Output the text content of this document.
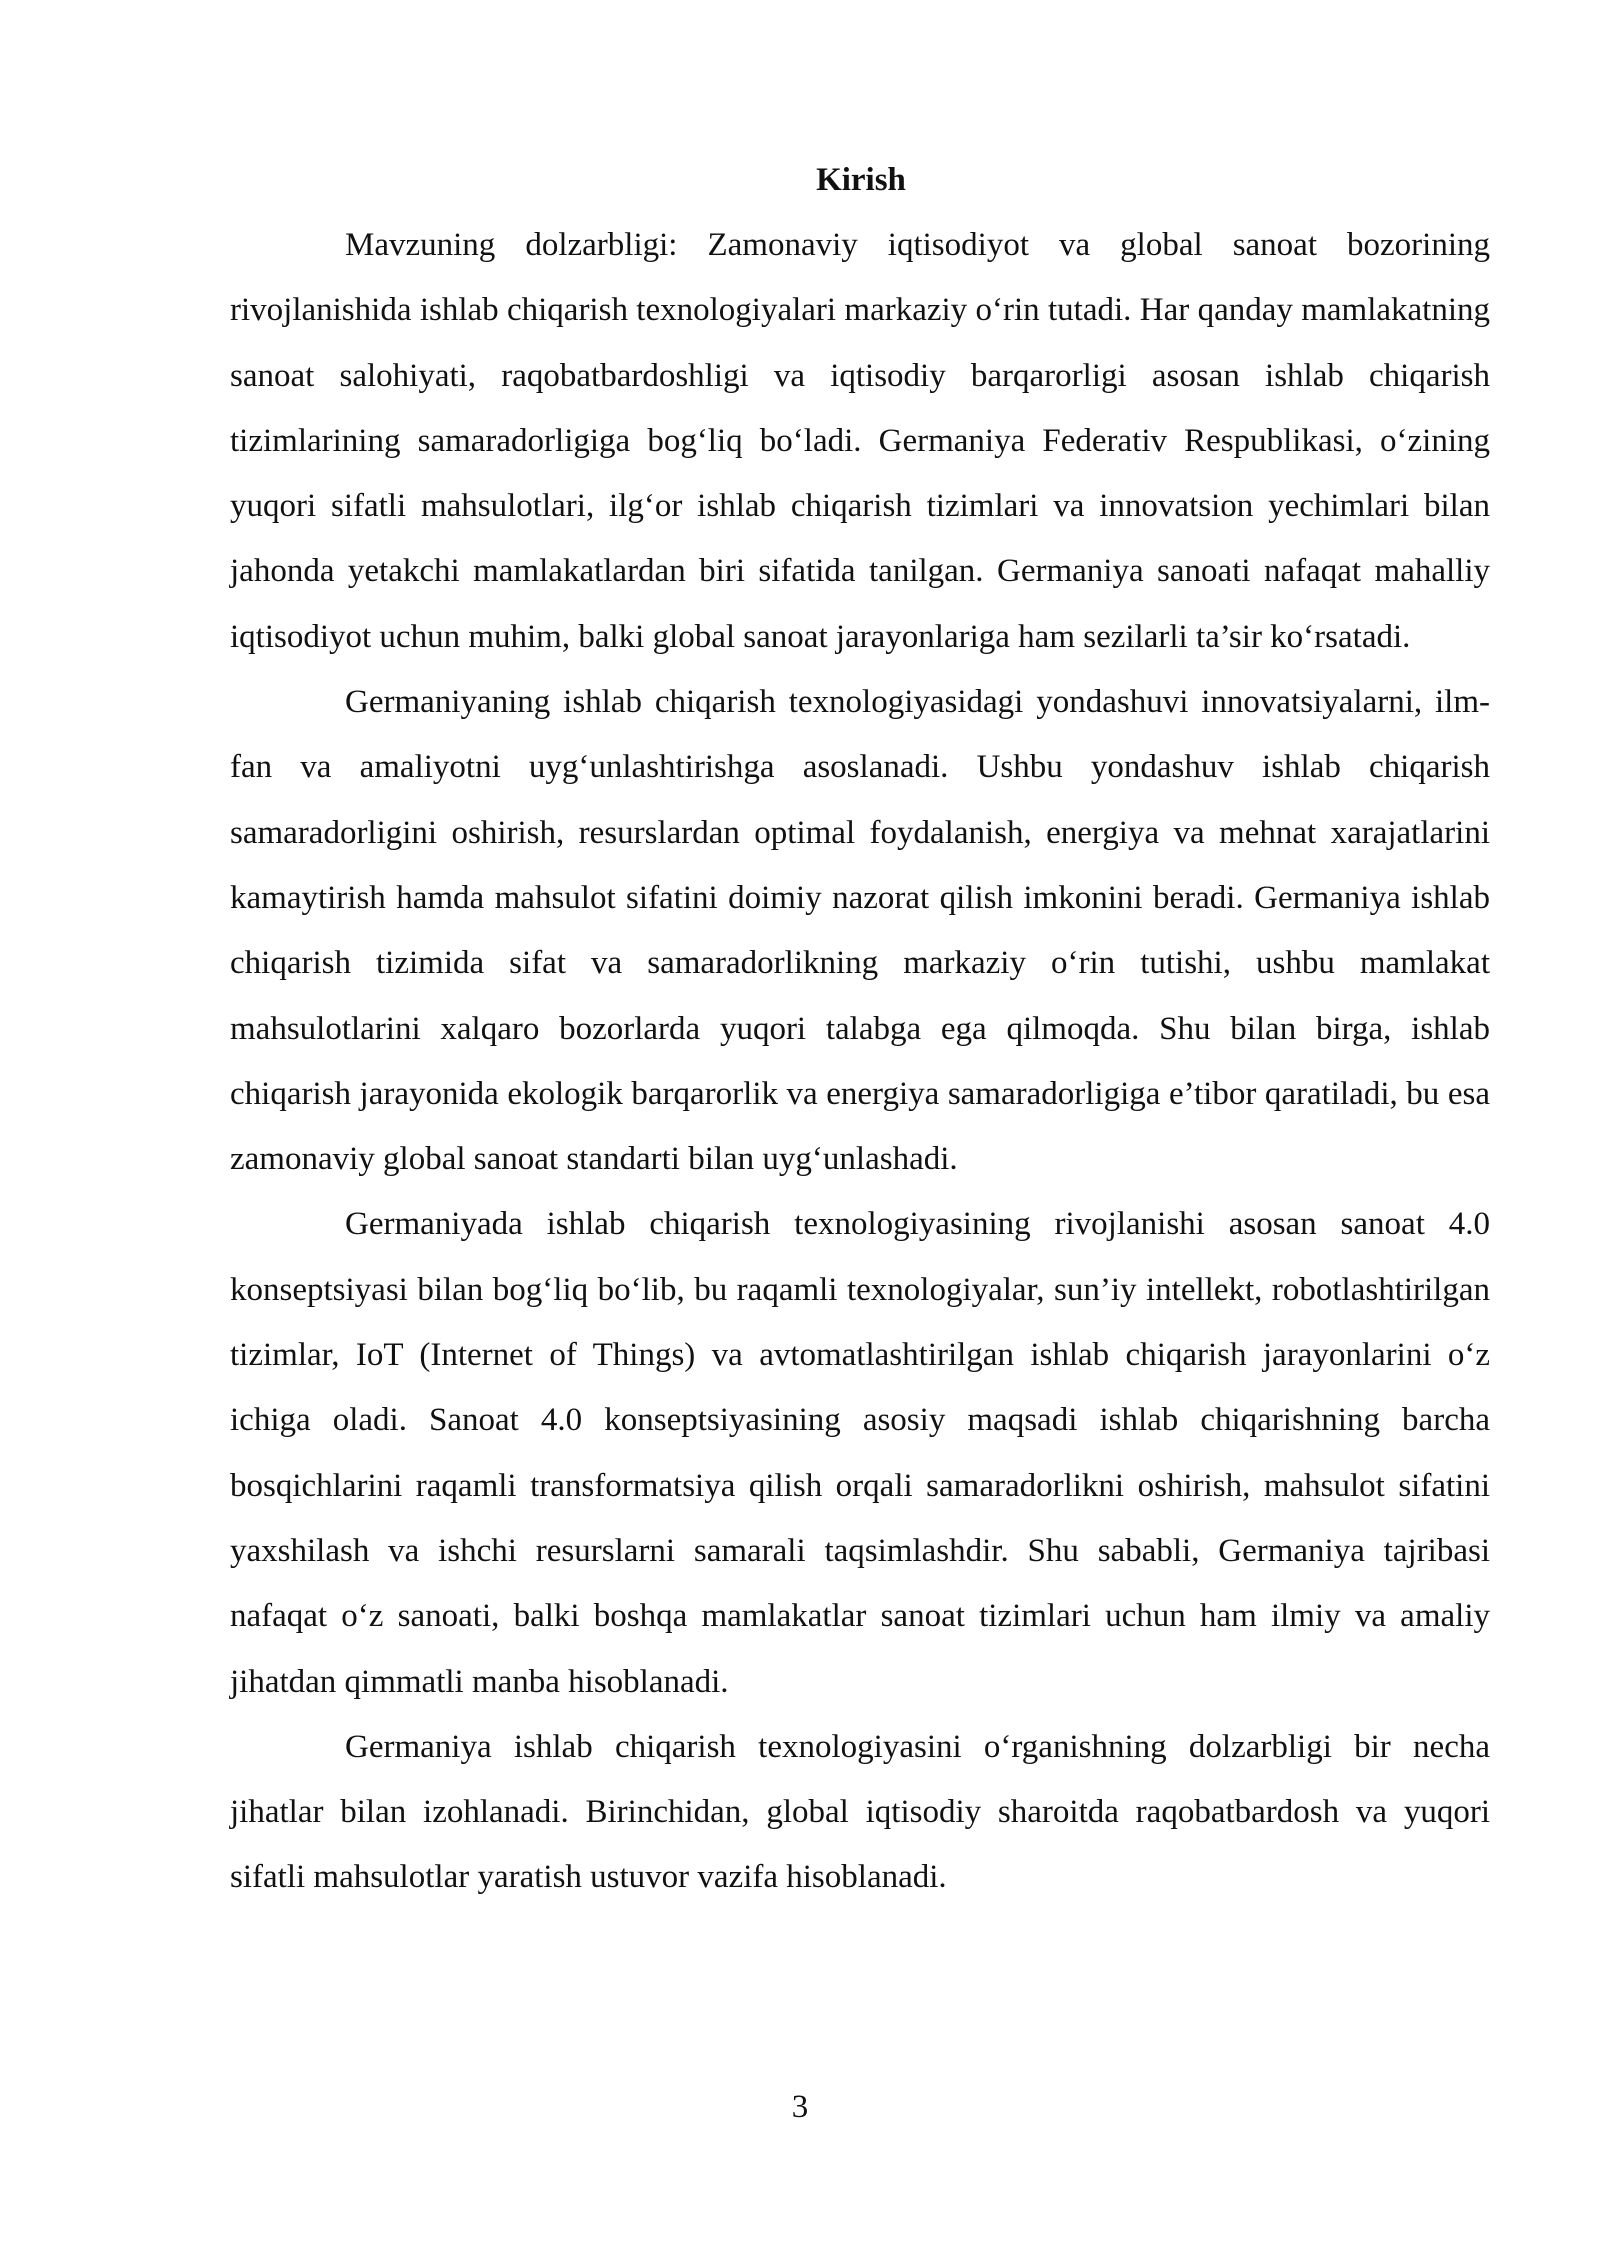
Kirish

Mavzuning dolzarbligi: Zamonaviy iqtisodiyot va global sanoat bozorining rivojlanishida ishlab chiqarish texnologiyalari markaziy o‘rin tutadi. Har qanday mamlakatning sanoat salohiyati, raqobatbardoshligi va iqtisodiy barqarorligi asosan ishlab chiqarish tizimlarining samaradorligiga bog‘liq bo‘ladi. Germaniya Federativ Respublikasi, o‘zining yuqori sifatli mahsulotlari, ilg‘or ishlab chiqarish tizimlari va innovatsion yechimlari bilan jahonda yetakchi mamlakatlardan biri sifatida tanilgan. Germaniya sanoati nafaqat mahalliy iqtisodiyot uchun muhim, balki global sanoat jarayonlariga ham sezilarli ta’sir ko‘rsatadi.

Germaniyaning ishlab chiqarish texnologiyasidagi yondashuvi innovatsiyalarni, ilm-fan va amaliyotni uyg‘unlashtirishga asoslanadi. Ushbu yondashuv ishlab chiqarish samaradorligini oshirish, resurslardan optimal foydalanish, energiya va mehnat xarajatlarini kamaytirish hamda mahsulot sifatini doimiy nazorat qilish imkonini beradi. Germaniya ishlab chiqarish tizimida sifat va samaradorlikning markaziy o‘rin tutishi, ushbu mamlakat mahsulotlarini xalqaro bozorlarda yuqori talabga ega qilmoqda. Shu bilan birga, ishlab chiqarish jarayonida ekologik barqarorlik va energiya samaradorligiga e’tibor qaratiladi, bu esa zamonaviy global sanoat standarti bilan uyg‘unlashadi.

Germaniyada ishlab chiqarish texnologiyasining rivojlanishi asosan sanoat 4.0 konseptsiyasi bilan bog‘liq bo‘lib, bu raqamli texnologiyalar, sun’iy intellekt, robotlashtirilgan tizimlar, IoT (Internet of Things) va avtomatlashtirilgan ishlab chiqarish jarayonlarini o‘z ichiga oladi. Sanoat 4.0 konseptsiyasining asosiy maqsadi ishlab chiqarishning barcha bosqichlarini raqamli transformatsiya qilish orqali samaradorlikni oshirish, mahsulot sifatini yaxshilash va ishchi resurslarni samarali taqsimlashdir. Shu sababli, Germaniya tajribasi nafaqat o‘z sanoati, balki boshqa mamlakatlar sanoat tizimlari uchun ham ilmiy va amaliy jihatdan qimmatli manba hisoblanadi.

Germaniya ishlab chiqarish texnologiyasini o‘rganishning dolzarbligi bir necha jihatlar bilan izohlanadi. Birinchidan, global iqtisodiy sharoitda raqobatbardosh va yuqori sifatli mahsulotlar yaratish ustuvor vazifa hisoblanadi.

3
